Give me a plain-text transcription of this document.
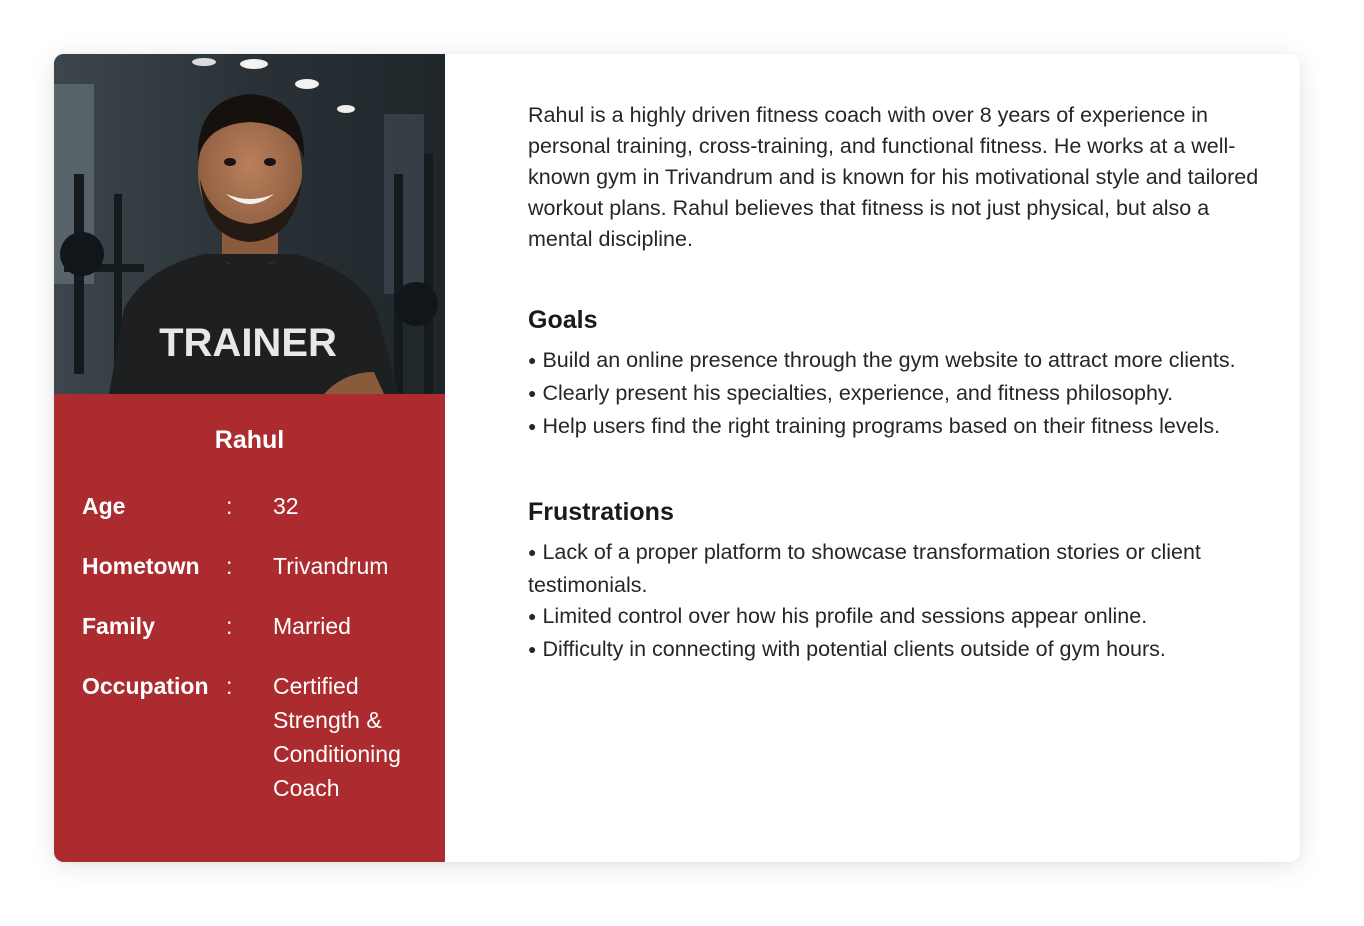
TRAINER
Rahul
Age	: 32
Hometown : Trivandrum
Family	: Married
Occupation : Certified Strength & Conditioning Coach

Rahul is a highly driven fitness coach with over 8 years of experience in personal training, cross-training, and functional fitness. He works at a well-known gym in Trivandrum and is known for his motivational style and tailored workout plans. Rahul believes that fitness is not just physical, but also a mental discipline.

Goals
● Build an online presence through the gym website to attract more clients.
● Clearly present his specialties, experience, and fitness philosophy.
● Help users find the right training programs based on their fitness levels.
Frustrations
● Lack of a proper platform to showcase transformation stories or client testimonials.
● Limited control over how his profile and sessions appear online.
● Difficulty in connecting with potential clients outside of gym hours.
